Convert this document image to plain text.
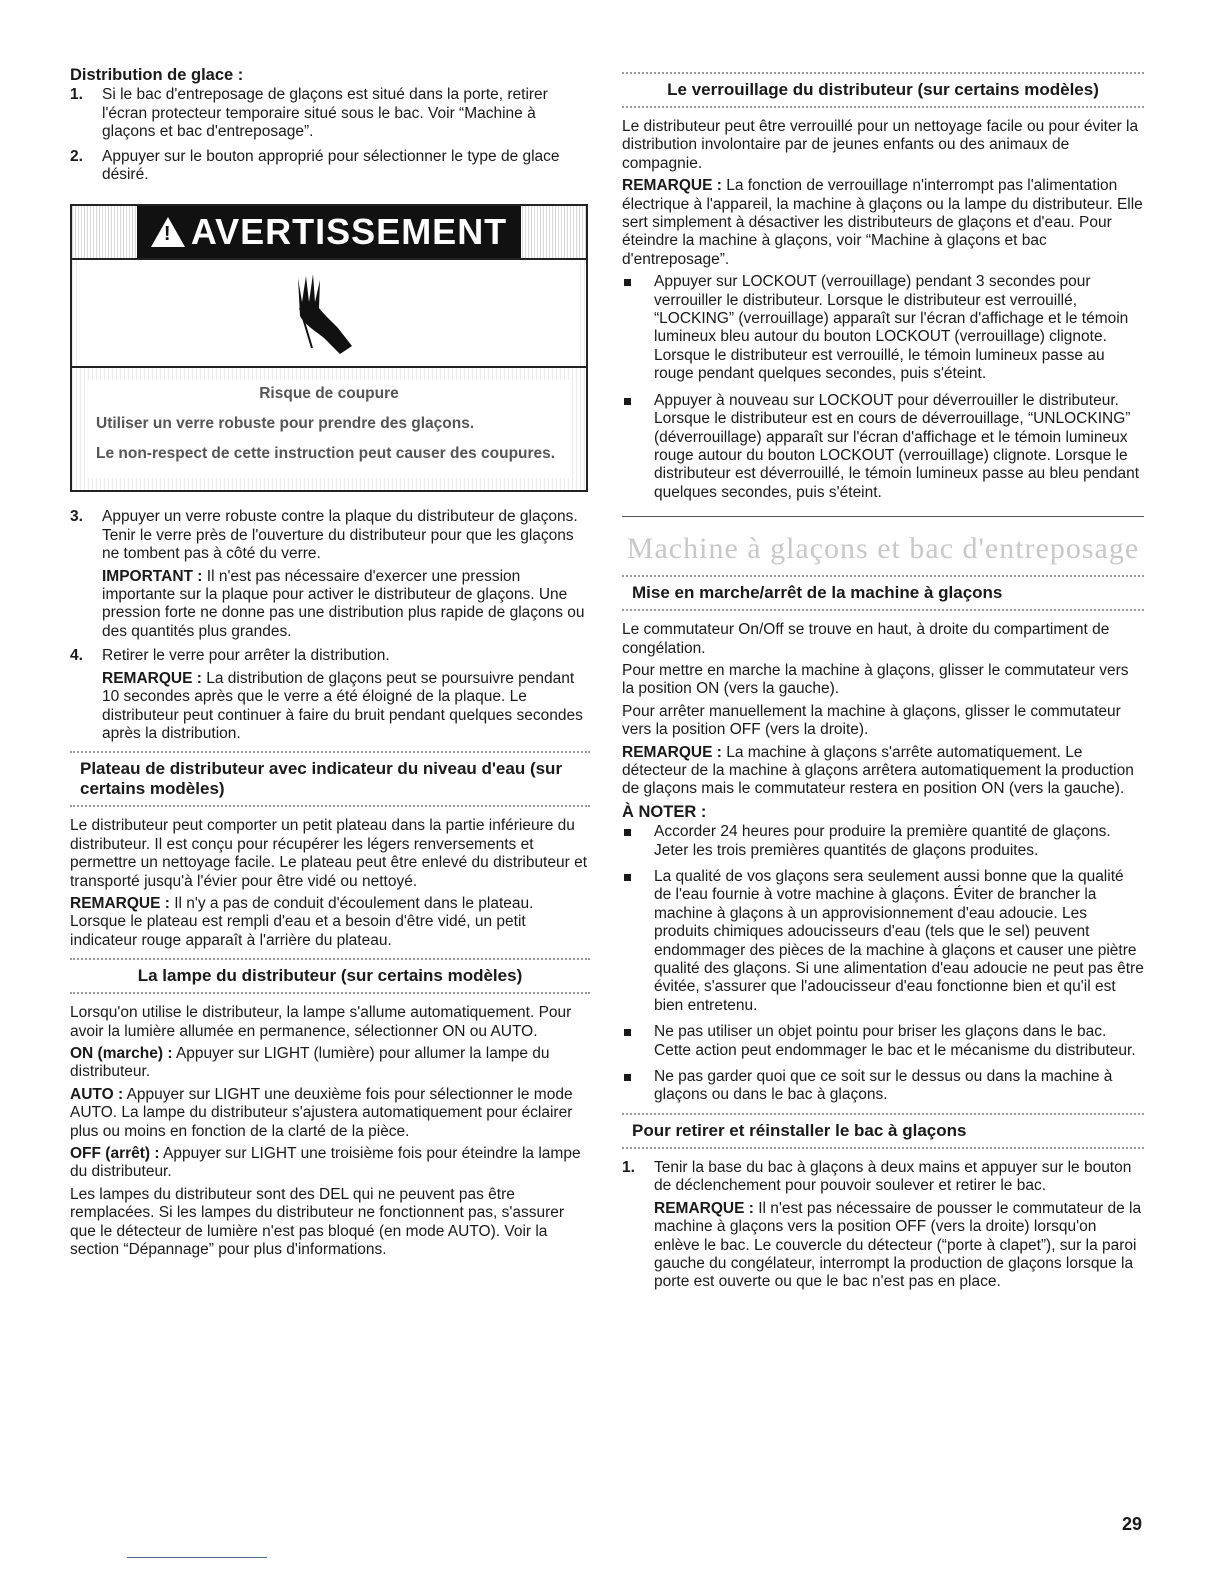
Distribution de glace :
1. Si le bac d'entreposage de glaçons est situé dans la porte, retirer l'écran protecteur temporaire situé sous le bac. Voir “Machine à glaçons et bac d'entreposage”.

2. Appuyer sur le bouton approprié pour sélectionner le type de glace désiré.

! AVERTISSEMENT

Risque de coupure

Utiliser un verre robuste pour prendre des glaçons.

Le non-respect de cette instruction peut causer des coupures.

3. Appuyer un verre robuste contre la plaque du distributeur de glaçons. Tenir le verre près de l'ouverture du distributeur pour que les glaçons ne tombent pas à côté du verre.

IMPORTANT : Il n'est pas nécessaire d'exercer une pression importante sur la plaque pour activer le distributeur de glaçons. Une pression forte ne donne pas une distribution plus rapide de glaçons ou des quantités plus grandes.

4. Retirer le verre pour arrêter la distribution.

REMARQUE : La distribution de glaçons peut se poursuivre pendant 10 secondes après que le verre a été éloigné de la plaque. Le distributeur peut continuer à faire du bruit pendant quelques secondes après la distribution.

Plateau de distributeur avec indicateur du niveau d'eau (sur certains modèles)

Le distributeur peut comporter un petit plateau dans la partie inférieure du distributeur. Il est conçu pour récupérer les légers renversements et permettre un nettoyage facile. Le plateau peut être enlevé du distributeur et transporté jusqu'à l'évier pour être vidé ou nettoyé.

REMARQUE : Il n'y a pas de conduit d'écoulement dans le plateau. Lorsque le plateau est rempli d'eau et a besoin d'être vidé, un petit indicateur rouge apparaît à l'arrière du plateau.

La lampe du distributeur (sur certains modèles)

Lorsqu'on utilise le distributeur, la lampe s'allume automatiquement. Pour avoir la lumière allumée en permanence, sélectionner ON ou AUTO.

ON (marche) : Appuyer sur LIGHT (lumière) pour allumer la lampe du distributeur.

AUTO : Appuyer sur LIGHT une deuxième fois pour sélectionner le mode AUTO. La lampe du distributeur s'ajustera automatiquement pour éclairer plus ou moins en fonction de la clarté de la pièce.

OFF (arrêt) : Appuyer sur LIGHT une troisième fois pour éteindre la lampe du distributeur.

Les lampes du distributeur sont des DEL qui ne peuvent pas être remplacées. Si les lampes du distributeur ne fonctionnent pas, s'assurer que le détecteur de lumière n'est pas bloqué (en mode AUTO). Voir la section “Dépannage” pour plus d'informations.

Le verrouillage du distributeur (sur certains modèles)

Le distributeur peut être verrouillé pour un nettoyage facile ou pour éviter la distribution involontaire par de jeunes enfants ou des animaux de compagnie.

REMARQUE : La fonction de verrouillage n'interrompt pas l'alimentation électrique à l'appareil, la machine à glaçons ou la lampe du distributeur. Elle sert simplement à désactiver les distributeurs de glaçons et d'eau. Pour éteindre la machine à glaçons, voir “Machine à glaçons et bac d'entreposage”.

Appuyer sur LOCKOUT (verrouillage) pendant 3 secondes pour verrouiller le distributeur. Lorsque le distributeur est verrouillé, “LOCKING” (verrouillage) apparaît sur l'écran d'affichage et le témoin lumineux bleu autour du bouton LOCKOUT (verrouillage) clignote. Lorsque le distributeur est verrouillé, le témoin lumineux passe au rouge pendant quelques secondes, puis s'éteint.
Appuyer à nouveau sur LOCKOUT pour déverrouiller le distributeur. Lorsque le distributeur est en cours de déverrouillage, “UNLOCKING” (déverrouillage) apparaît sur l'écran d'affichage et le témoin lumineux rouge autour du bouton LOCKOUT (verrouillage) clignote. Lorsque le distributeur est déverrouillé, le témoin lumineux passe au bleu pendant quelques secondes, puis s'éteint.
Machine à glaçons et bac d'entreposage
Mise en marche/arrêt de la machine à glaçons

Le commutateur On/Off se trouve en haut, à droite du compartiment de congélation.

Pour mettre en marche la machine à glaçons, glisser le commutateur vers la position ON (vers la gauche).

Pour arrêter manuellement la machine à glaçons, glisser le commutateur vers la position OFF (vers la droite).

REMARQUE : La machine à glaçons s'arrête automatiquement. Le détecteur de la machine à glaçons arrêtera automatiquement la production de glaçons mais le commutateur restera en position ON (vers la gauche).

À NOTER :
Accorder 24 heures pour produire la première quantité de glaçons. Jeter les trois premières quantités de glaçons produites.
La qualité de vos glaçons sera seulement aussi bonne que la qualité de l'eau fournie à votre machine à glaçons. Éviter de brancher la machine à glaçons à un approvisionnement d'eau adoucie. Les produits chimiques adoucisseurs d'eau (tels que le sel) peuvent endommager des pièces de la machine à glaçons et causer une piètre qualité des glaçons. Si une alimentation d'eau adoucie ne peut pas être évitée, s'assurer que l'adoucisseur d'eau fonctionne bien et qu'il est bien entretenu.
Ne pas utiliser un objet pointu pour briser les glaçons dans le bac. Cette action peut endommager le bac et le mécanisme du distributeur.
Ne pas garder quoi que ce soit sur le dessus ou dans la machine à glaçons ou dans le bac à glaçons.
Pour retirer et réinstaller le bac à glaçons
1. Tenir la base du bac à glaçons à deux mains et appuyer sur le bouton de déclenchement pour pouvoir soulever et retirer le bac.

REMARQUE : Il n'est pas nécessaire de pousser le commutateur de la machine à glaçons vers la position OFF (vers la droite) lorsqu'on enlève le bac. Le couvercle du détecteur (“porte à clapet”), sur la paroi gauche du congélateur, interrompt la production de glaçons lorsque la porte est ouverte ou que le bac n'est pas en place.

29
